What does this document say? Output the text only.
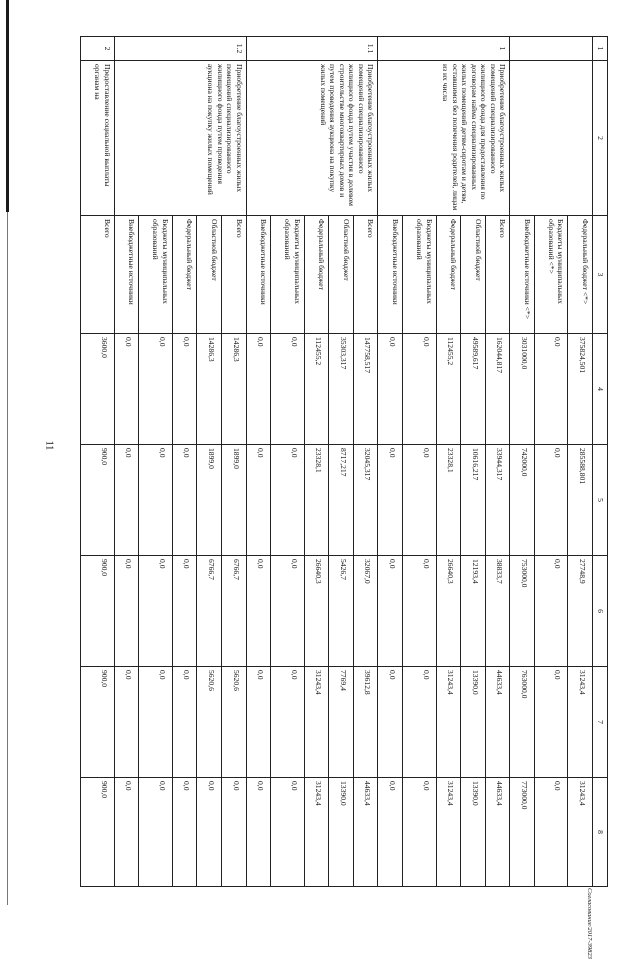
11
Согласование/2017-39823
1	2	3	4	5	6	7	8
		Федеральный бюджет <*>	375824,501	285588,801	27748,9	31243,4	31243,4
		Бюджеты муниципальных образований <*>	0,0	0,0	0,0	0,0	0,0
		Внебюджетные источники <*>	3031000,0	742000,0	753000,0	763000,0	773000,0
1	Приобретение благоустроенных жилых помещений специализированного жилищного фонда для предоставления по договорам найма специализированных жилых помещений детям-сиротам и детям, оставшимся без попечения родителей, лицам из их числа	Всего	162044,817	33944,317	38833,7	44633,4	44633,4
		Областной бюджет	49589,617	10616,217	12193,4	13390,0	13390,0
		Федеральный бюджет	112455,2	23328,1	26640,3	31243,4	31243,4
		Бюджеты муниципальных образований	0,0	0,0	0,0	0,0	0,0
		Внебюджетные источники	0,0	0,0	0,0	0,0	0,0
1.1	Приобретение благоустроенных жилых помещений специализированного жилищного фонда путем участия в долевом строительстве многоквартирных домов и путем проведения аукциона на покупку жилых помещений	Всего	147758,517	32045,317	32067,0	39612,8	44633,4
		Областной бюджет	35303,317	8717,217	5426,7	7769,4	13390,0
		Федеральный бюджет	112455,2	23328,1	26640,3	31243,4	31243,4
		Бюджеты муниципальных образований	0,0	0,0	0,0	0,0	0,0
		Внебюджетные источники	0,0	0,0	0,0	0,0	0,0
1.2	Приобретение благоустроенных жилых помещений специализированного жилищного фонда путем проведения аукциона на покупку жилых помещений	Всего	14286,3	1899,0	6766,7	5620,6	0,0
		Областной бюджет	14286,3	1899,0	6766,7	5620,6	0,0
		Федеральный бюджет	0,0	0,0	0,0	0,0	0,0
		Бюджеты муниципальных образований	0,0	0,0	0,0	0,0	0,0
		Внебюджетные источники	0,0	0,0	0,0	0,0	0,0
2	Предоставление социальной выплаты органам на	Всего	3600,0	900,0	900,0	900,0	900,0
